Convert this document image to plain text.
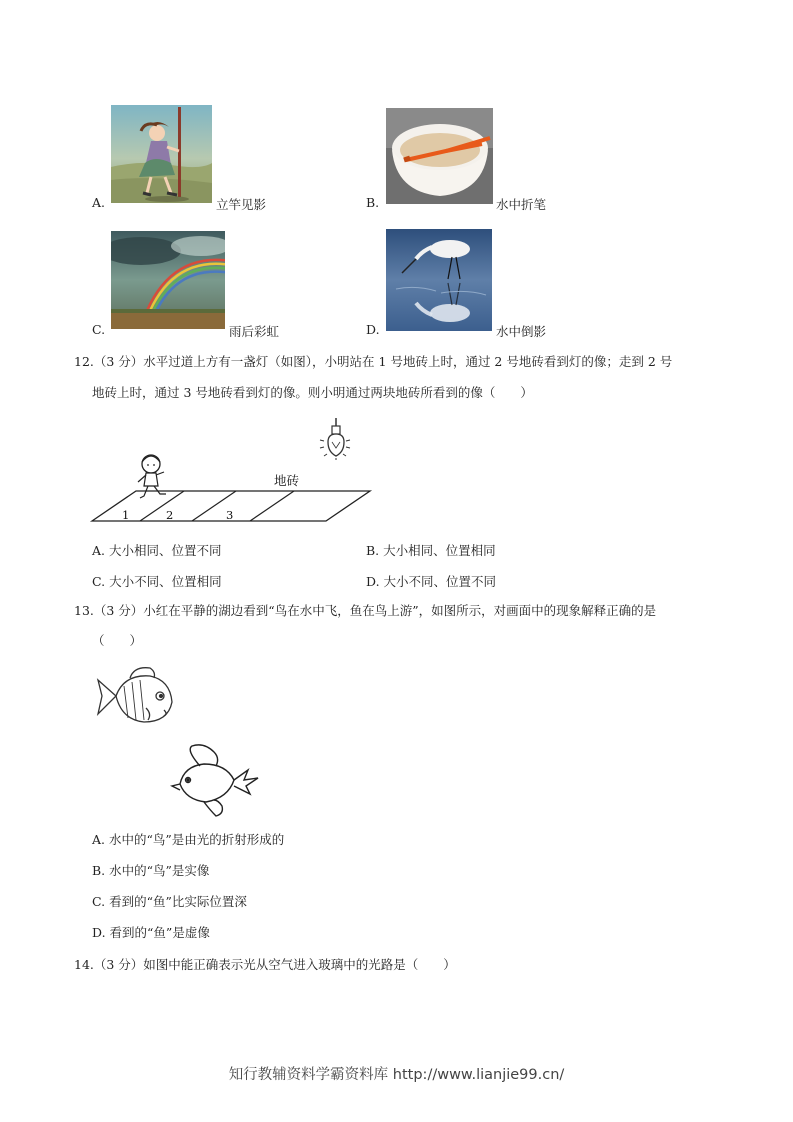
A.	立竿见影	B.	水中折笔
C.	雨后彩虹	D.	水中倒影
12.（3 分）水平过道上方有一盏灯（如图），小明站在 1 号地砖上时，通过 2 号地砖看到灯的像；走到 2 号
地砖上时，通过 3 号地砖看到灯的像。则小明通过两块地砖所看到的像（　　）
地砖
1	2	3
A. 大小相同、位置不同	B. 大小相同、位置相同
C. 大小不同、位置相同	D. 大小不同、位置不同
13.（3 分）小红在平静的湖边看到“鸟在水中飞，鱼在鸟上游”，如图所示，对画面中的现象解释正确的是
（　　）
A. 水中的“鸟”是由光的折射形成的
B. 水中的“鸟”是实像
C. 看到的“鱼”比实际位置深
D. 看到的“鱼”是虚像
14.（3 分）如图中能正确表示光从空气进入玻璃中的光路是（　　）
知行教辅资料学霸资料库 http://www.lianjie99.cn/
